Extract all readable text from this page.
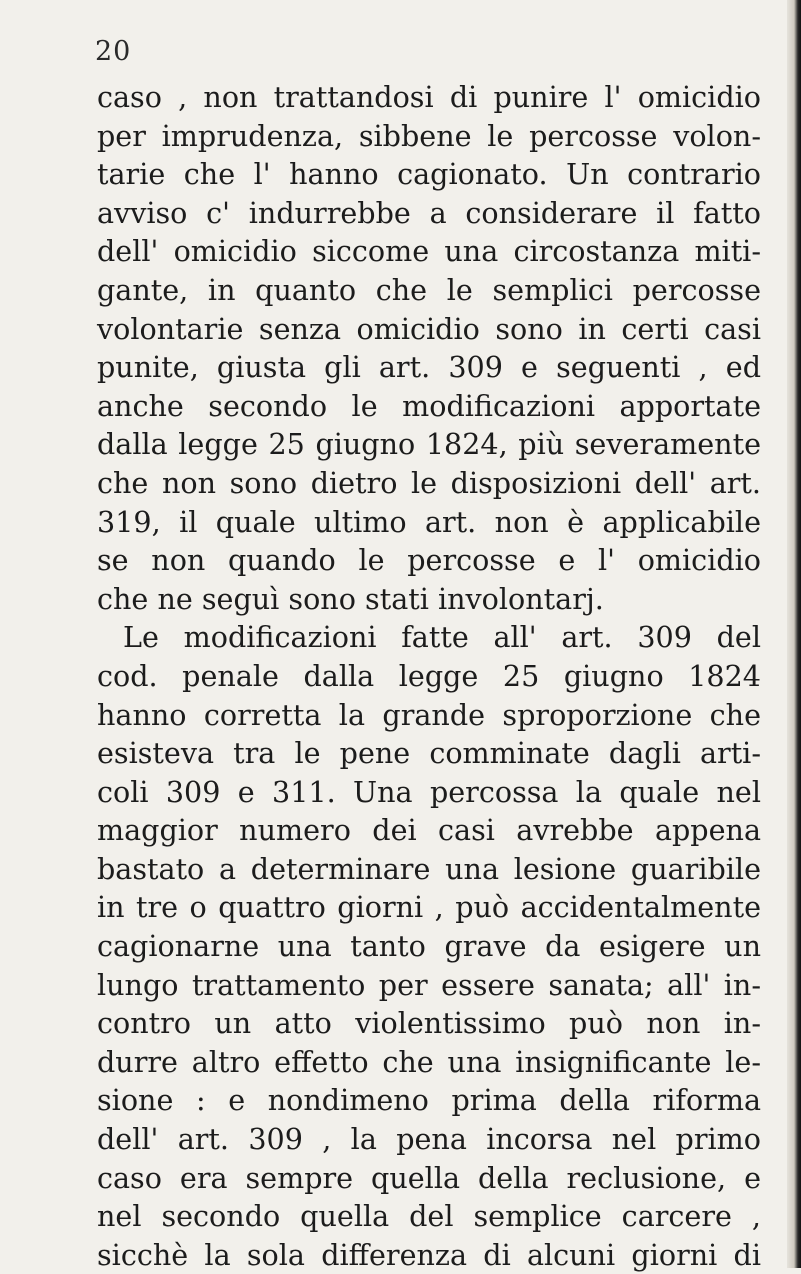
20
caso , non trattandosi di punire l' omicidio
per imprudenza, sibbene le percosse volon-
tarie che l' hanno cagionato. Un contrario
avviso c' indurrebbe a considerare il fatto
dell' omicidio siccome una circostanza miti-
gante, in quanto che le semplici percosse
volontarie senza omicidio sono in certi casi
punite, giusta gli art. 309 e seguenti , ed
anche secondo le modificazioni apportate
dalla legge 25 giugno 1824, più severamente
che non sono dietro le disposizioni dell' art.
319, il quale ultimo art. non è applicabile
se non quando le percosse e l' omicidio
che ne seguì sono stati involontarj.
Le modificazioni fatte all' art. 309 del
cod. penale dalla legge 25 giugno 1824
hanno corretta la grande sproporzione che
esisteva tra le pene comminate dagli arti-
coli 309 e 311. Una percossa la quale nel
maggior numero dei casi avrebbe appena
bastato a determinare una lesione guaribile
in tre o quattro giorni , può accidentalmente
cagionarne una tanto grave da esigere un
lungo trattamento per essere sanata; all' in-
contro un atto violentissimo può non in-
durre altro effetto che una insignificante le-
sione : e nondimeno prima della riforma
dell' art. 309 , la pena incorsa nel primo
caso era sempre quella della reclusione, e
nel secondo quella del semplice carcere ,
sicchè la sola differenza di alcuni giorni di
